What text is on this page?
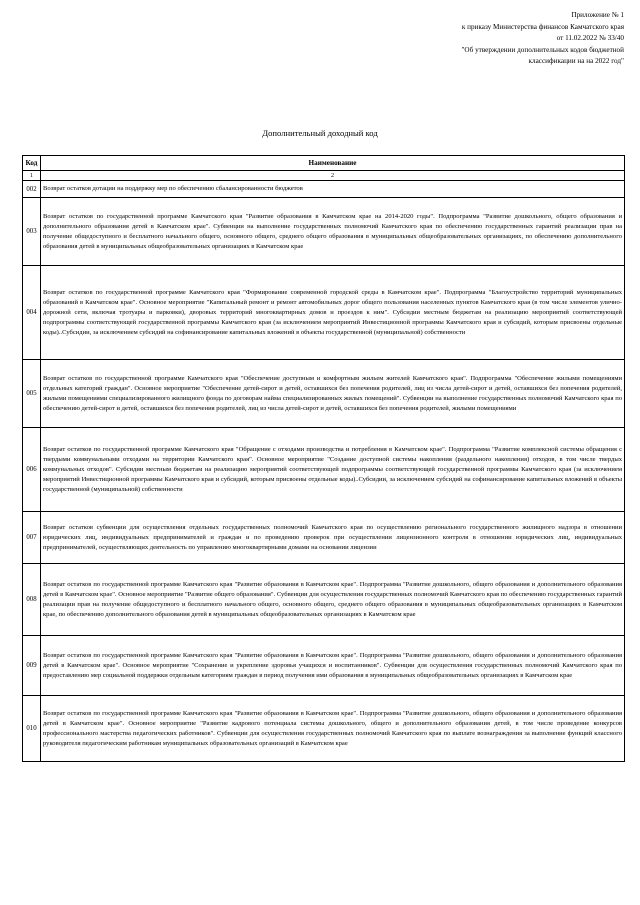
Приложение № 1
к приказу Министерства финансов Камчатского края
от 11.02.2022 № 33/40
"Об утверждении дополнительных кодов бюджетной
классификации на на 2022 год"
Дополнительный доходный код
Код	Наименование
1	2
002	Возврат остатков дотации на поддержку мер по обеспечению сбалансированности бюджетов
003	Возврат остатков по государственной программе Камчатского края "Развитие образования в Камчатском крае на 2014-2020 годы". Подпрограмма "Развитие дошкольного, общего образования и дополнительного образования детей в Камчатском крае". Субвенции на выполнение государственных полномочий Камчатского края по обеспечению государственных гарантий реализации прав на получение общедоступного и бесплатного начального общего, основного общего, среднего общего образования в муниципальных общеобразовательных организациях, по обеспечению дополнительного образования детей в муниципальных общеобразовательных организациях в Камчатском крае
004	Возврат остатков по государственной программе Камчатского края "Формирование современной городской среды в Камчатском крае". Подпрограмма "Благоустройство территорий муниципальных образований в Камчатском крае". Основное мероприятие "Капитальный ремонт и ремонт автомобильных дорог общего пользования населенных пунктов Камчатского края (в том числе элементов улично-дорожной сети, включая тротуары и парковки), дворовых территорий многоквартирных домов и проездов к ним". Субсидии местным бюджетам на реализацию мероприятий соответствующей подпрограммы соответствующей государственной программы Камчатского края (за исключением мероприятий Инвестиционной программы Камчатского края и субсидий, которым присвоены отдельные коды)..Субсидии, за исключением субсидий на софинансирование капитальных вложений в объекты государственной (муниципальной) собственности
005	Возврат остатков по государственной программе Камчатского края "Обеспечение доступным и комфортным жильем жителей Камчатского края". Подпрограмма "Обеспечение жилыми помещениями отдельных категорий граждан". Основное мероприятие "Обеспечение детей-сирот и детей, оставшихся без попечения родителей, лиц из числа детей-сирот и детей, оставшихся без попечения родителей, жилыми помещениями специализированного жилищного фонда по договорам найма специализированных жилых помещений". Субвенции на выполнение государственных полномочий Камчатского края по обеспечению детей-сирот и детей, оставшихся без попечения родителей, лиц из числа детей-сирот и детей, оставшихся без попечения родителей, жилыми помещениями
006	Возврат остатков по государственной программе Камчатского края "Обращение с отходами производства и потребления в Камчатском крае". Подпрограмма "Развитие комплексной системы обращения с твердыми коммунальными отходами на территории Камчатского края". Основное мероприятие "Создание доступной системы накопления (раздельного накопления) отходов, в том числе твердых коммунальных отходов". Субсидии местным бюджетам на реализацию мероприятий соответствующей подпрограммы соответствующей государственной программы Камчатского края (за исключением мероприятий Инвестиционной программы Камчатского края и субсидий, которым присвоены отдельные коды)..Субсидии, за исключением субсидий на софинансирование капитальных вложений в объекты государственной (муниципальной) собственности
007	Возврат остатков субвенции для осуществления отдельных государственных полномочий Камчатского края по осуществлению регионального государственного жилищного надзора в отношении юридических лиц, индивидуальных предпринимателей и граждан и по проведению проверок при осуществлении лицензионного контроля в отношении юридических лиц, индивидуальных предпринимателей, осуществляющих деятельность по управлению многоквартирными домами на основании лицензии
008	Возврат остатков по государственной программе Камчатского края "Развитие образования в Камчатском крае". Подпрограмма "Развитие дошкольного, общего образования и дополнительного образования детей в Камчатском крае". Основное мероприятие "Развитие общего образования". Субвенции для осуществления государственных полномочий Камчатского края по обеспечению государственных гарантий реализации прав на получение общедоступного и бесплатного начального общего, основного общего, среднего общего образования в муниципальных общеобразовательных организациях в Камчатском крае, по обеспечению дополнительного образования детей в муниципальных общеобразовательных организациях в Камчатском крае
009	Возврат остатков по государственной программе Камчатского края "Развитие образования в Камчатском крае". Подпрограмма "Развитие дошкольного, общего образования и дополнительного образования детей в Камчатском крае". Основное мероприятие "Сохранение и укрепление здоровья учащихся и воспитанников". Субвенции для осуществления государственных полномочий Камчатского края по предоставлению мер социальной поддержки отдельным категориям граждан в период получения ими образования в муниципальных общеобразовательных организациях в Камчатском крае
010	Возврат остатков по государственной программе Камчатского края "Развитие образования в Камчатском крае". Подпрограмма "Развитие дошкольного, общего образования и дополнительного образования детей в Камчатском крае". Основное мероприятие "Развитие кадрового потенциала системы дошкольного, общего и дополнительного образования детей, в том числе проведение конкурсов профессионального мастерства педагогических работников". Субвенции для осуществления государственных полномочий Камчатского края по выплате вознаграждения за выполнение функций классного руководителя педагогическим работникам муниципальных образовательных организаций в Камчатском крае
